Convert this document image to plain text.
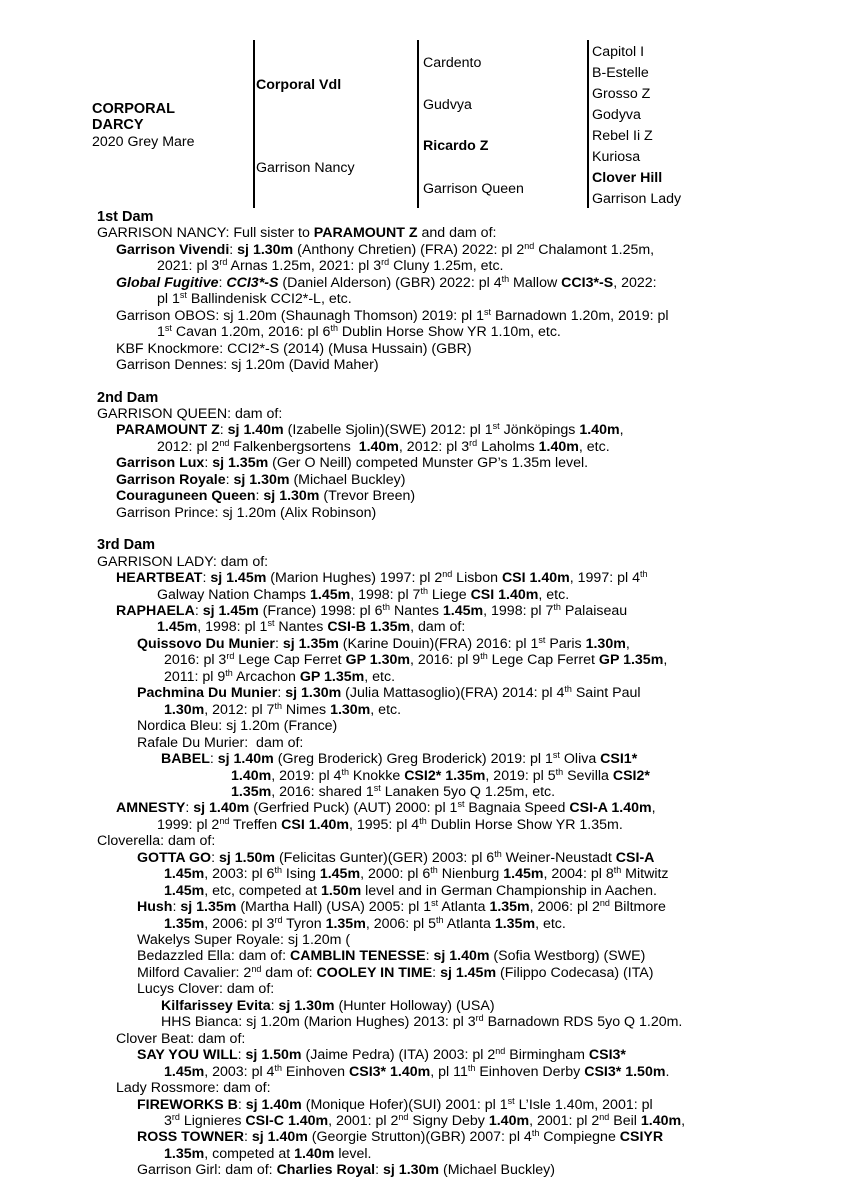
CORPORAL
DARCY
2020 Grey Mare
Corporal Vdl
Garrison Nancy
Cardento
Gudvya
Ricardo Z
Garrison Queen
Capitol I
B-Estelle
Grosso Z
Godyva
Rebel Ii Z
Kuriosa
Clover Hill
Garrison Lady
1st Dam
GARRISON NANCY: Full sister to PARAMOUNT Z and dam of:
Garrison Vivendi: sj 1.30m (Anthony Chretien) (FRA) 2022: pl 2nd Chalamont 1.25m,
2021: pl 3rd Arnas 1.25m, 2021: pl 3rd Cluny 1.25m, etc.
Global Fugitive: CCI3*-S (Daniel Alderson) (GBR) 2022: pl 4th Mallow CCI3*-S, 2022:
pl 1st Ballindenisk CCI2*-L, etc.
Garrison OBOS: sj 1.20m (Shaunagh Thomson) 2019: pl 1st Barnadown 1.20m, 2019: pl
1st Cavan 1.20m, 2016: pl 6th Dublin Horse Show YR 1.10m, etc.
KBF Knockmore: CCI2*-S (2014) (Musa Hussain) (GBR)
Garrison Dennes: sj 1.20m (David Maher)
2nd Dam
GARRISON QUEEN: dam of:
PARAMOUNT Z: sj 1.40m (Izabelle Sjolin)(SWE) 2012: pl 1st Jönköpings 1.40m,
2012: pl 2nd Falkenbergsortens  1.40m, 2012: pl 3rd Laholms 1.40m, etc.
Garrison Lux: sj 1.35m (Ger O Neill) competed Munster GP’s 1.35m level.
Garrison Royale: sj 1.30m (Michael Buckley)
Couraguneen Queen: sj 1.30m (Trevor Breen)
Garrison Prince: sj 1.20m (Alix Robinson)
3rd Dam
GARRISON LADY: dam of:
HEARTBEAT: sj 1.45m (Marion Hughes) 1997: pl 2nd Lisbon CSI 1.40m, 1997: pl 4th
Galway Nation Champs 1.45m, 1998: pl 7th Liege CSI 1.40m, etc.
RAPHAELA: sj 1.45m (France) 1998: pl 6th Nantes 1.45m, 1998: pl 7th Palaiseau
1.45m, 1998: pl 1st Nantes CSI-B 1.35m, dam of:
Quissovo Du Munier: sj 1.35m (Karine Douin)(FRA) 2016: pl 1st Paris 1.30m,
2016: pl 3rd Lege Cap Ferret GP 1.30m, 2016: pl 9th Lege Cap Ferret GP 1.35m,
2011: pl 9th Arcachon GP 1.35m, etc.
Pachmina Du Munier: sj 1.30m (Julia Mattasoglio)(FRA) 2014: pl 4th Saint Paul
1.30m, 2012: pl 7th Nimes 1.30m, etc.
Nordica Bleu: sj 1.20m (France)
Rafale Du Murier:  dam of:
BABEL: sj 1.40m (Greg Broderick) Greg Broderick) 2019: pl 1st Oliva CSI1*
1.40m, 2019: pl 4th Knokke CSI2* 1.35m, 2019: pl 5th Sevilla CSI2*
1.35m, 2016: shared 1st Lanaken 5yo Q 1.25m, etc.
AMNESTY: sj 1.40m (Gerfried Puck) (AUT) 2000: pl 1st Bagnaia Speed CSI-A 1.40m,
1999: pl 2nd Treffen CSI 1.40m, 1995: pl 4th Dublin Horse Show YR 1.35m.
Cloverella: dam of:
GOTTA GO: sj 1.50m (Felicitas Gunter)(GER) 2003: pl 6th Weiner-Neustadt CSI-A
1.45m, 2003: pl 6th Ising 1.45m, 2000: pl 6th Nienburg 1.45m, 2004: pl 8th Mitwitz
1.45m, etc, competed at 1.50m level and in German Championship in Aachen.
Hush: sj 1.35m (Martha Hall) (USA) 2005: pl 1st Atlanta 1.35m, 2006: pl 2nd Biltmore
1.35m, 2006: pl 3rd Tyron 1.35m, 2006: pl 5th Atlanta 1.35m, etc.
Wakelys Super Royale: sj 1.20m (
Bedazzled Ella: dam of: CAMBLIN TENESSE: sj 1.40m (Sofia Westborg) (SWE)
Milford Cavalier: 2nd dam of: COOLEY IN TIME: sj 1.45m (Filippo Codecasa) (ITA)
Lucys Clover: dam of:
Kilfarissey Evita: sj 1.30m (Hunter Holloway) (USA)
HHS Bianca: sj 1.20m (Marion Hughes) 2013: pl 3rd Barnadown RDS 5yo Q 1.20m.
Clover Beat: dam of:
SAY YOU WILL: sj 1.50m (Jaime Pedra) (ITA) 2003: pl 2nd Birmingham CSI3*
1.45m, 2003: pl 4th Einhoven CSI3* 1.40m, pl 11th Einhoven Derby CSI3* 1.50m.
Lady Rossmore: dam of:
FIREWORKS B: sj 1.40m (Monique Hofer)(SUI) 2001: pl 1st L’Isle 1.40m, 2001: pl
3rd Lignieres CSI-C 1.40m, 2001: pl 2nd Signy Deby 1.40m, 2001: pl 2nd Beil 1.40m,
ROSS TOWNER: sj 1.40m (Georgie Strutton)(GBR) 2007: pl 4th Compiegne CSIYR
1.35m, competed at 1.40m level.
Garrison Girl: dam of: Charlies Royal: sj 1.30m (Michael Buckley)
